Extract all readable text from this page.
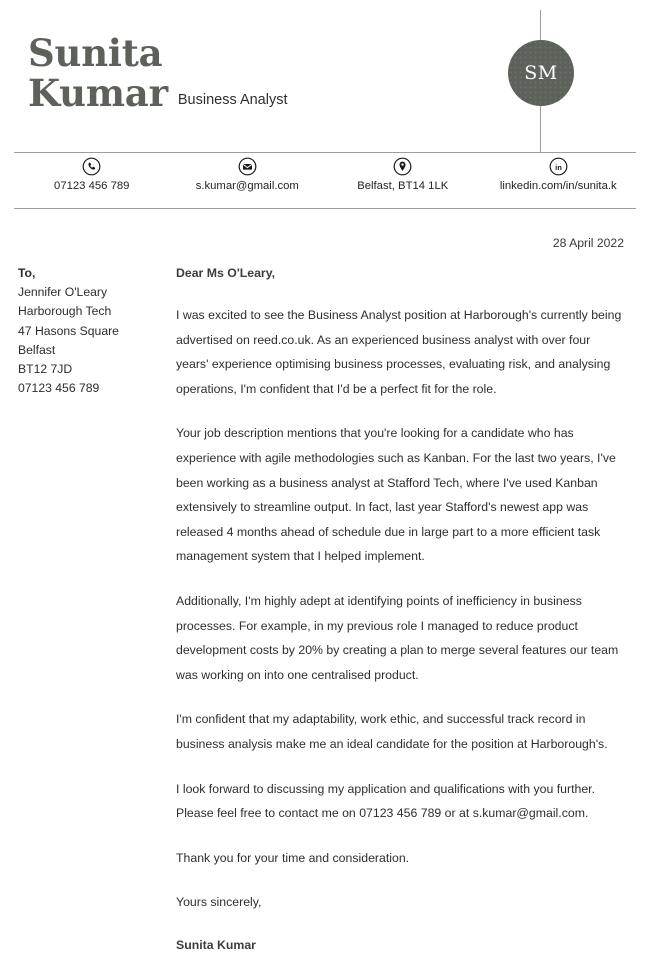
Sunita
Kumar Business Analyst
SM
07123 456 789	s.kumar@gmail.com	Belfast, BT14 1LK
in
linkedin.com/in/sunita.k
28 April 2022
To,
Jennifer O'Leary
Harborough Tech
47 Hasons Square
Belfast
BT12 7JD
07123 456 789
Dear Ms O'Leary,

I was excited to see the Business Analyst position at Harborough's currently being advertised on reed.co.uk. As an experienced business analyst with over four years' experience optimising business processes, evaluating risk, and analysing operations, I'm confident that I'd be a perfect fit for the role.

Your job description mentions that you're looking for a candidate who has experience with agile methodologies such as Kanban. For the last two years, I've been working as a business analyst at Stafford Tech, where I've used Kanban extensively to streamline output. In fact, last year Stafford's newest app was released 4 months ahead of schedule due in large part to a more efficient task management system that I helped implement.

Additionally, I'm highly adept at identifying points of inefficiency in business processes. For example, in my previous role I managed to reduce product development costs by 20% by creating a plan to merge several features our team was working on into one centralised product.

I'm confident that my adaptability, work ethic, and successful track record in business analysis make me an ideal candidate for the position at Harborough's.

I look forward to discussing my application and qualifications with you further. Please feel free to contact me on 07123 456 789 or at s.kumar@gmail.com.

Thank you for your time and consideration.

Yours sincerely,

Sunita Kumar
